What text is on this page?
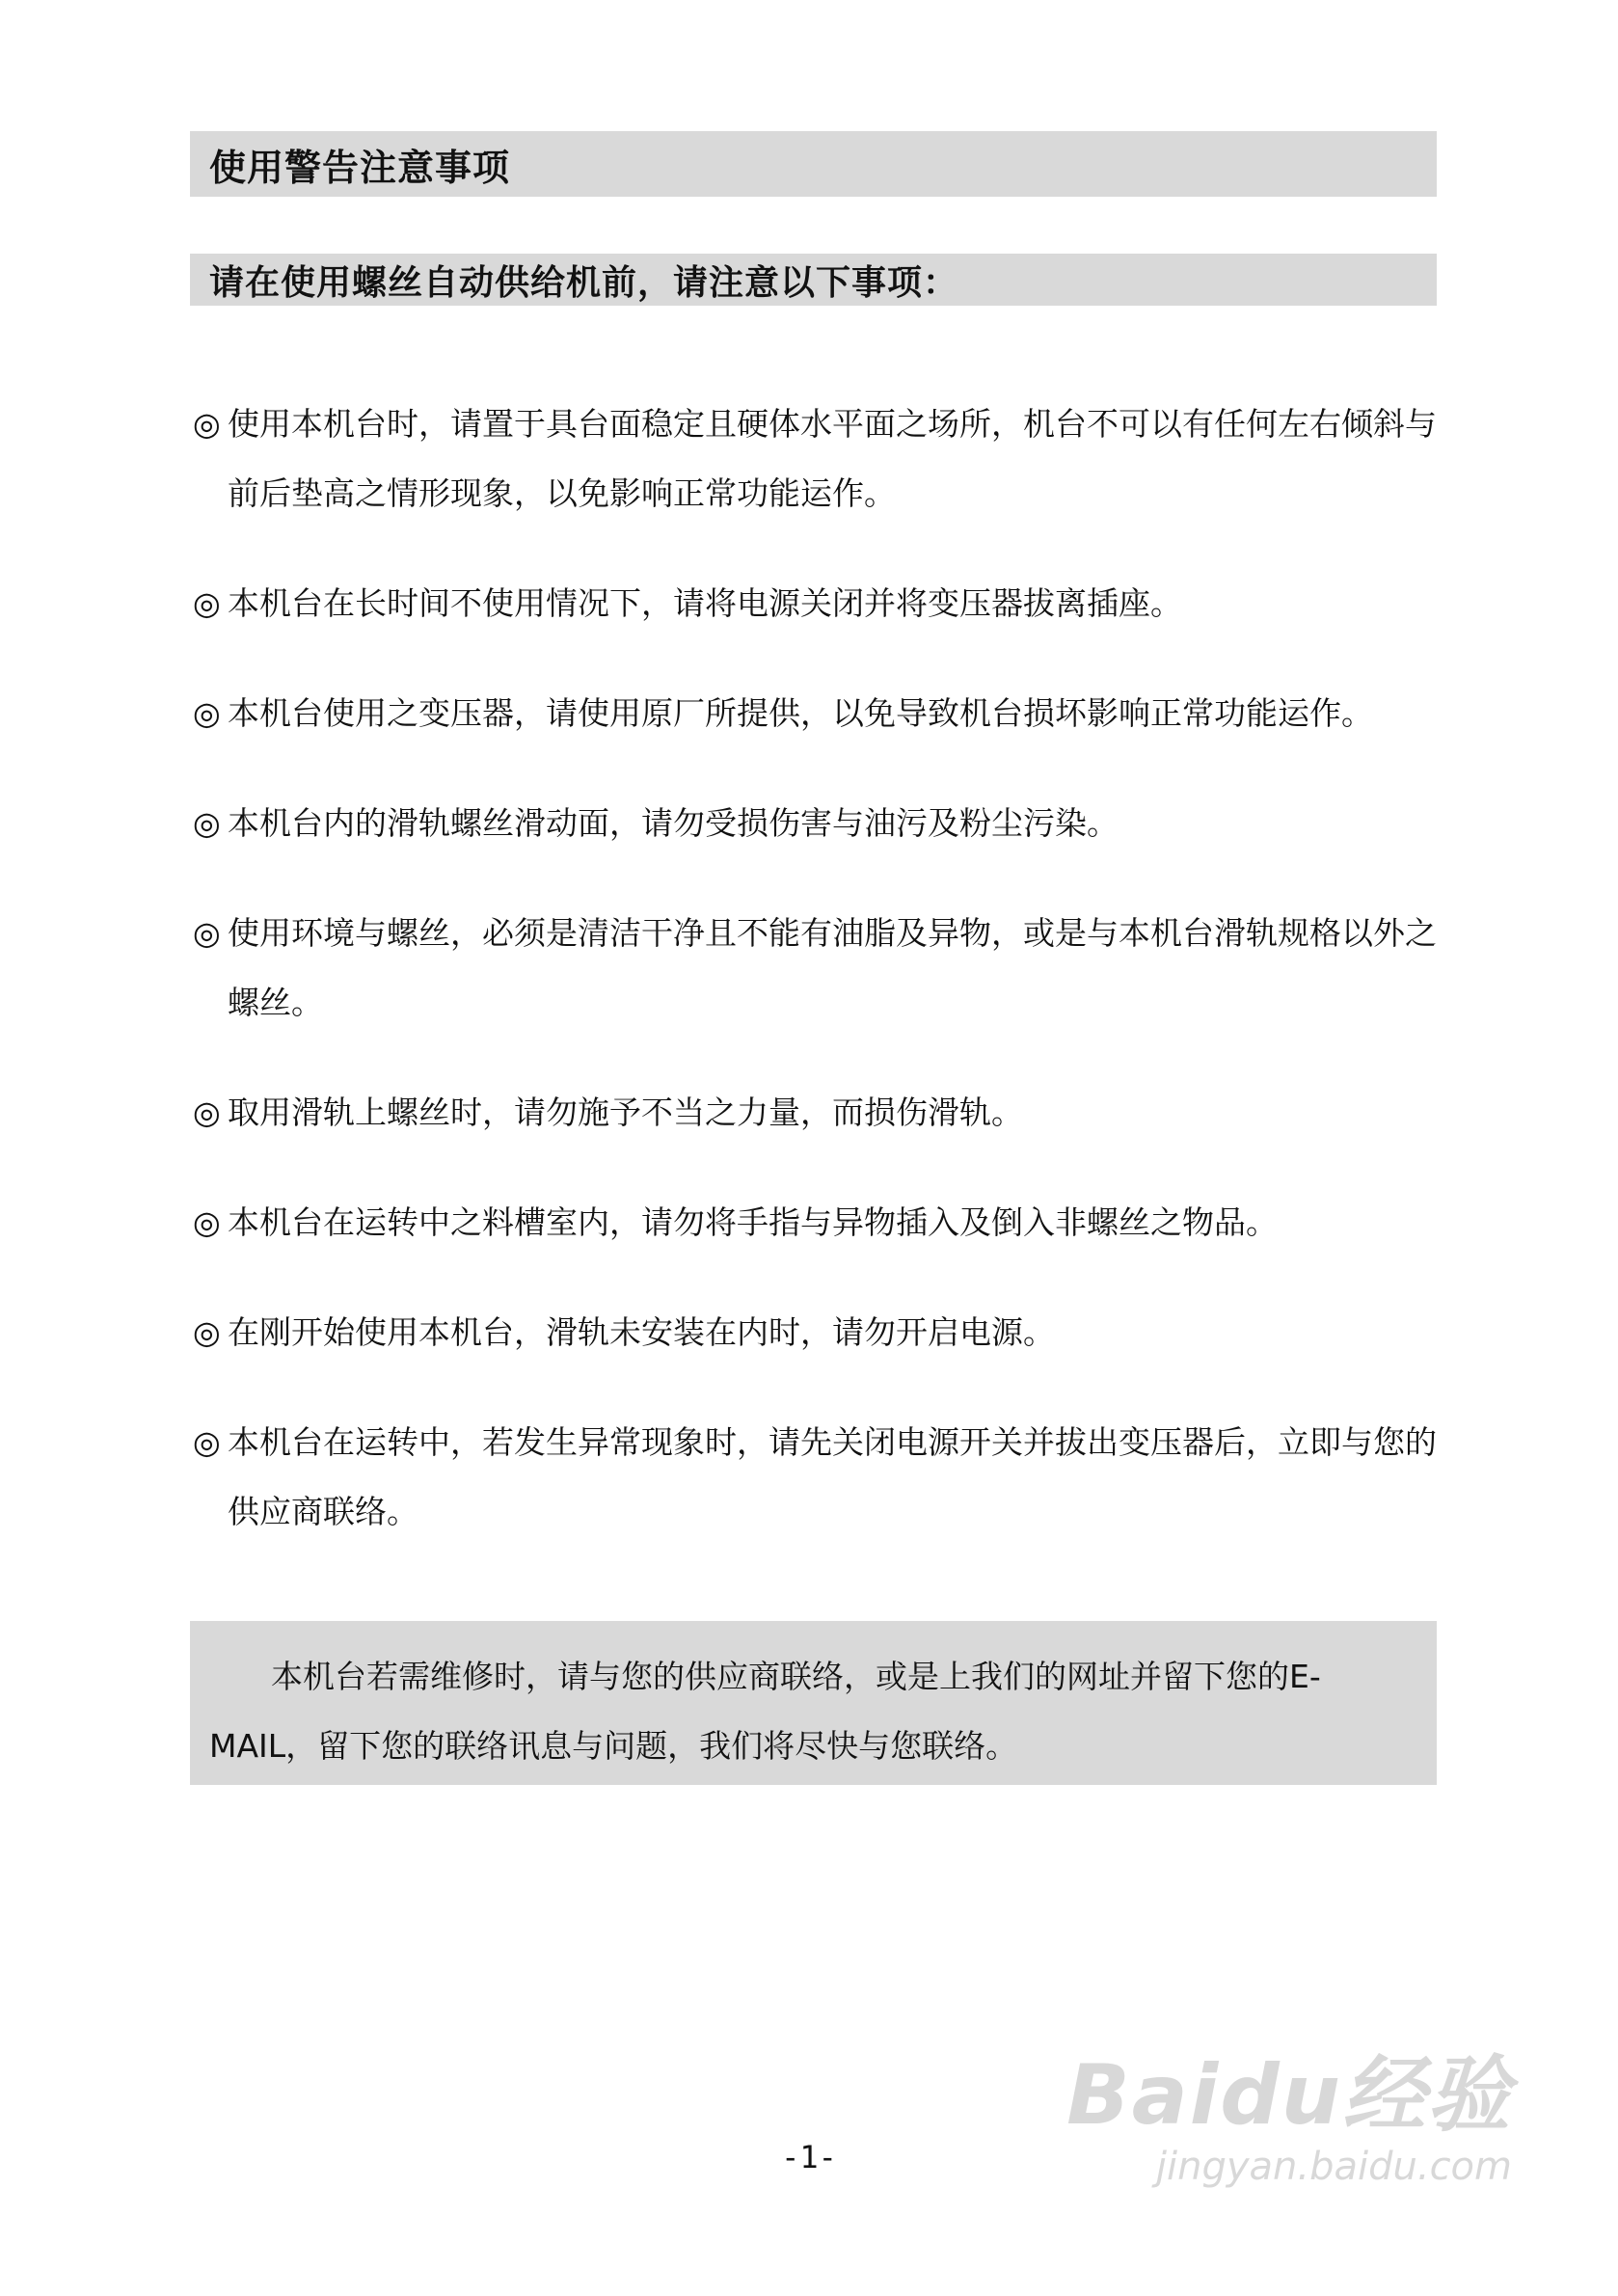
使用警告注意事项
请在使用螺丝自动供给机前，请注意以下事项：
◎ 使用本机台时，请置于具台面稳定且硬体水平面之场所，机台不可以有任何左右倾斜与前后垫高之情形现象，以免影响正常功能运作。
◎ 本机台在长时间不使用情况下，请将电源关闭并将变压器拔离插座。
◎ 本机台使用之变压器，请使用原厂所提供，以免导致机台损坏影响正常功能运作。
◎ 本机台内的滑轨螺丝滑动面，请勿受损伤害与油污及粉尘污染。
◎ 使用环境与螺丝，必须是清洁干净且不能有油脂及异物，或是与本机台滑轨规格以外之螺丝。
◎ 取用滑轨上螺丝时，请勿施予不当之力量，而损伤滑轨。
◎ 本机台在运转中之料槽室内，请勿将手指与异物插入及倒入非螺丝之物品。
◎ 在刚开始使用本机台，滑轨未安装在内时，请勿开启电源。
◎ 本机台在运转中，若发生异常现象时，请先关闭电源开关并拔出变压器后，立即与您的供应商联络。
本机台若需维修时，请与您的供应商联络，或是上我们的网址并留下您的E-MAIL，留下您的联络讯息与问题，我们将尽快与您联络。
-1-
Baidu经验
jingyan.baidu.com
